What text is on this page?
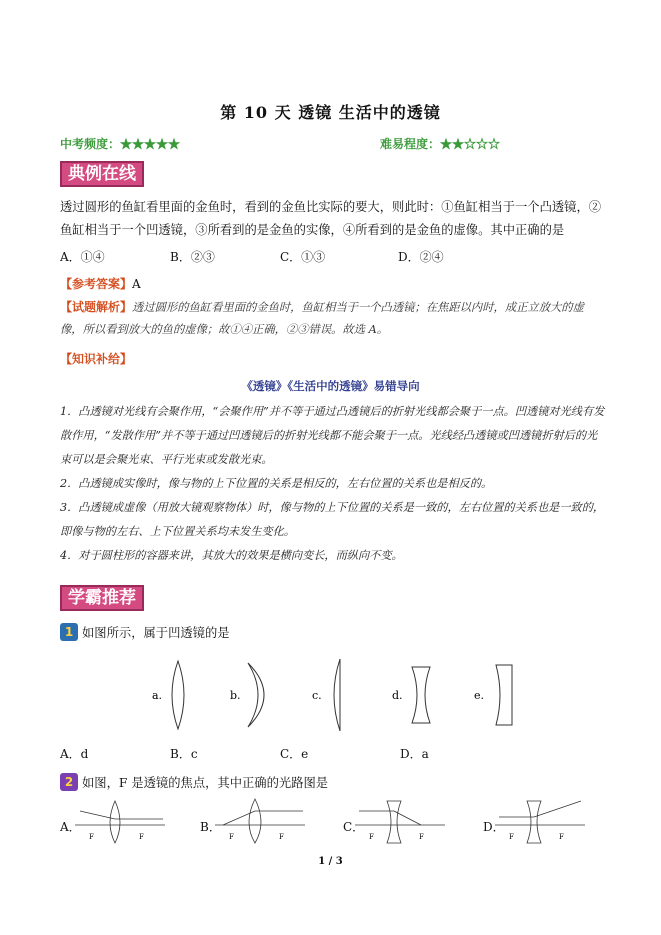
第 10 天 透镜 生活中的透镜
中考频度：★★★★★	难易程度：★★☆☆☆
典例在线
透过圆形的鱼缸看里面的金鱼时，看到的金鱼比实际的要大，则此时：①鱼缸相当于一个凸透镜，②鱼缸相当于一个凹透镜，③所看到的是金鱼的实像，④所看到的是金鱼的虚像。其中正确的是
A．①④	B．②③	C．①③	D．②④
【参考答案】A
【试题解析】透过圆形的鱼缸看里面的金鱼时，鱼缸相当于一个凸透镜；在焦距以内时，成正立放大的虚像，所以看到放大的鱼的虚像；故①④正确，②③错误。故选 A。
【知识补给】
《透镜》《生活中的透镜》易错导向
1．凸透镜对光线有会聚作用，“会聚作用”并不等于通过凸透镜后的折射光线都会聚于一点。凹透镜对光线有发散作用，“发散作用”并不等于通过凹透镜后的折射光线都不能会聚于一点。光线经凸透镜或凹透镜折射后的光束可以是会聚光束、平行光束或发散光束。
2．凸透镜成实像时，像与物的上下位置的关系是相反的，左右位置的关系也是相反的。
3．凸透镜成虚像（用放大镜观察物体）时，像与物的上下位置的关系是一致的，左右位置的关系也是一致的，即像与物的左右、上下位置关系均未发生变化。
4．对于圆柱形的容器来讲，其放大的效果是横向变长，而纵向不变。
学霸推荐
1 如图所示，属于凹透镜的是
a.	b.	c.	d.	e.
A．d	B．c	C．e	D．a
2 如图，F 是透镜的焦点，其中正确的光路图是
A．	B．	C．	D．
F	F	F	F	F	F	F	F
1 / 3
